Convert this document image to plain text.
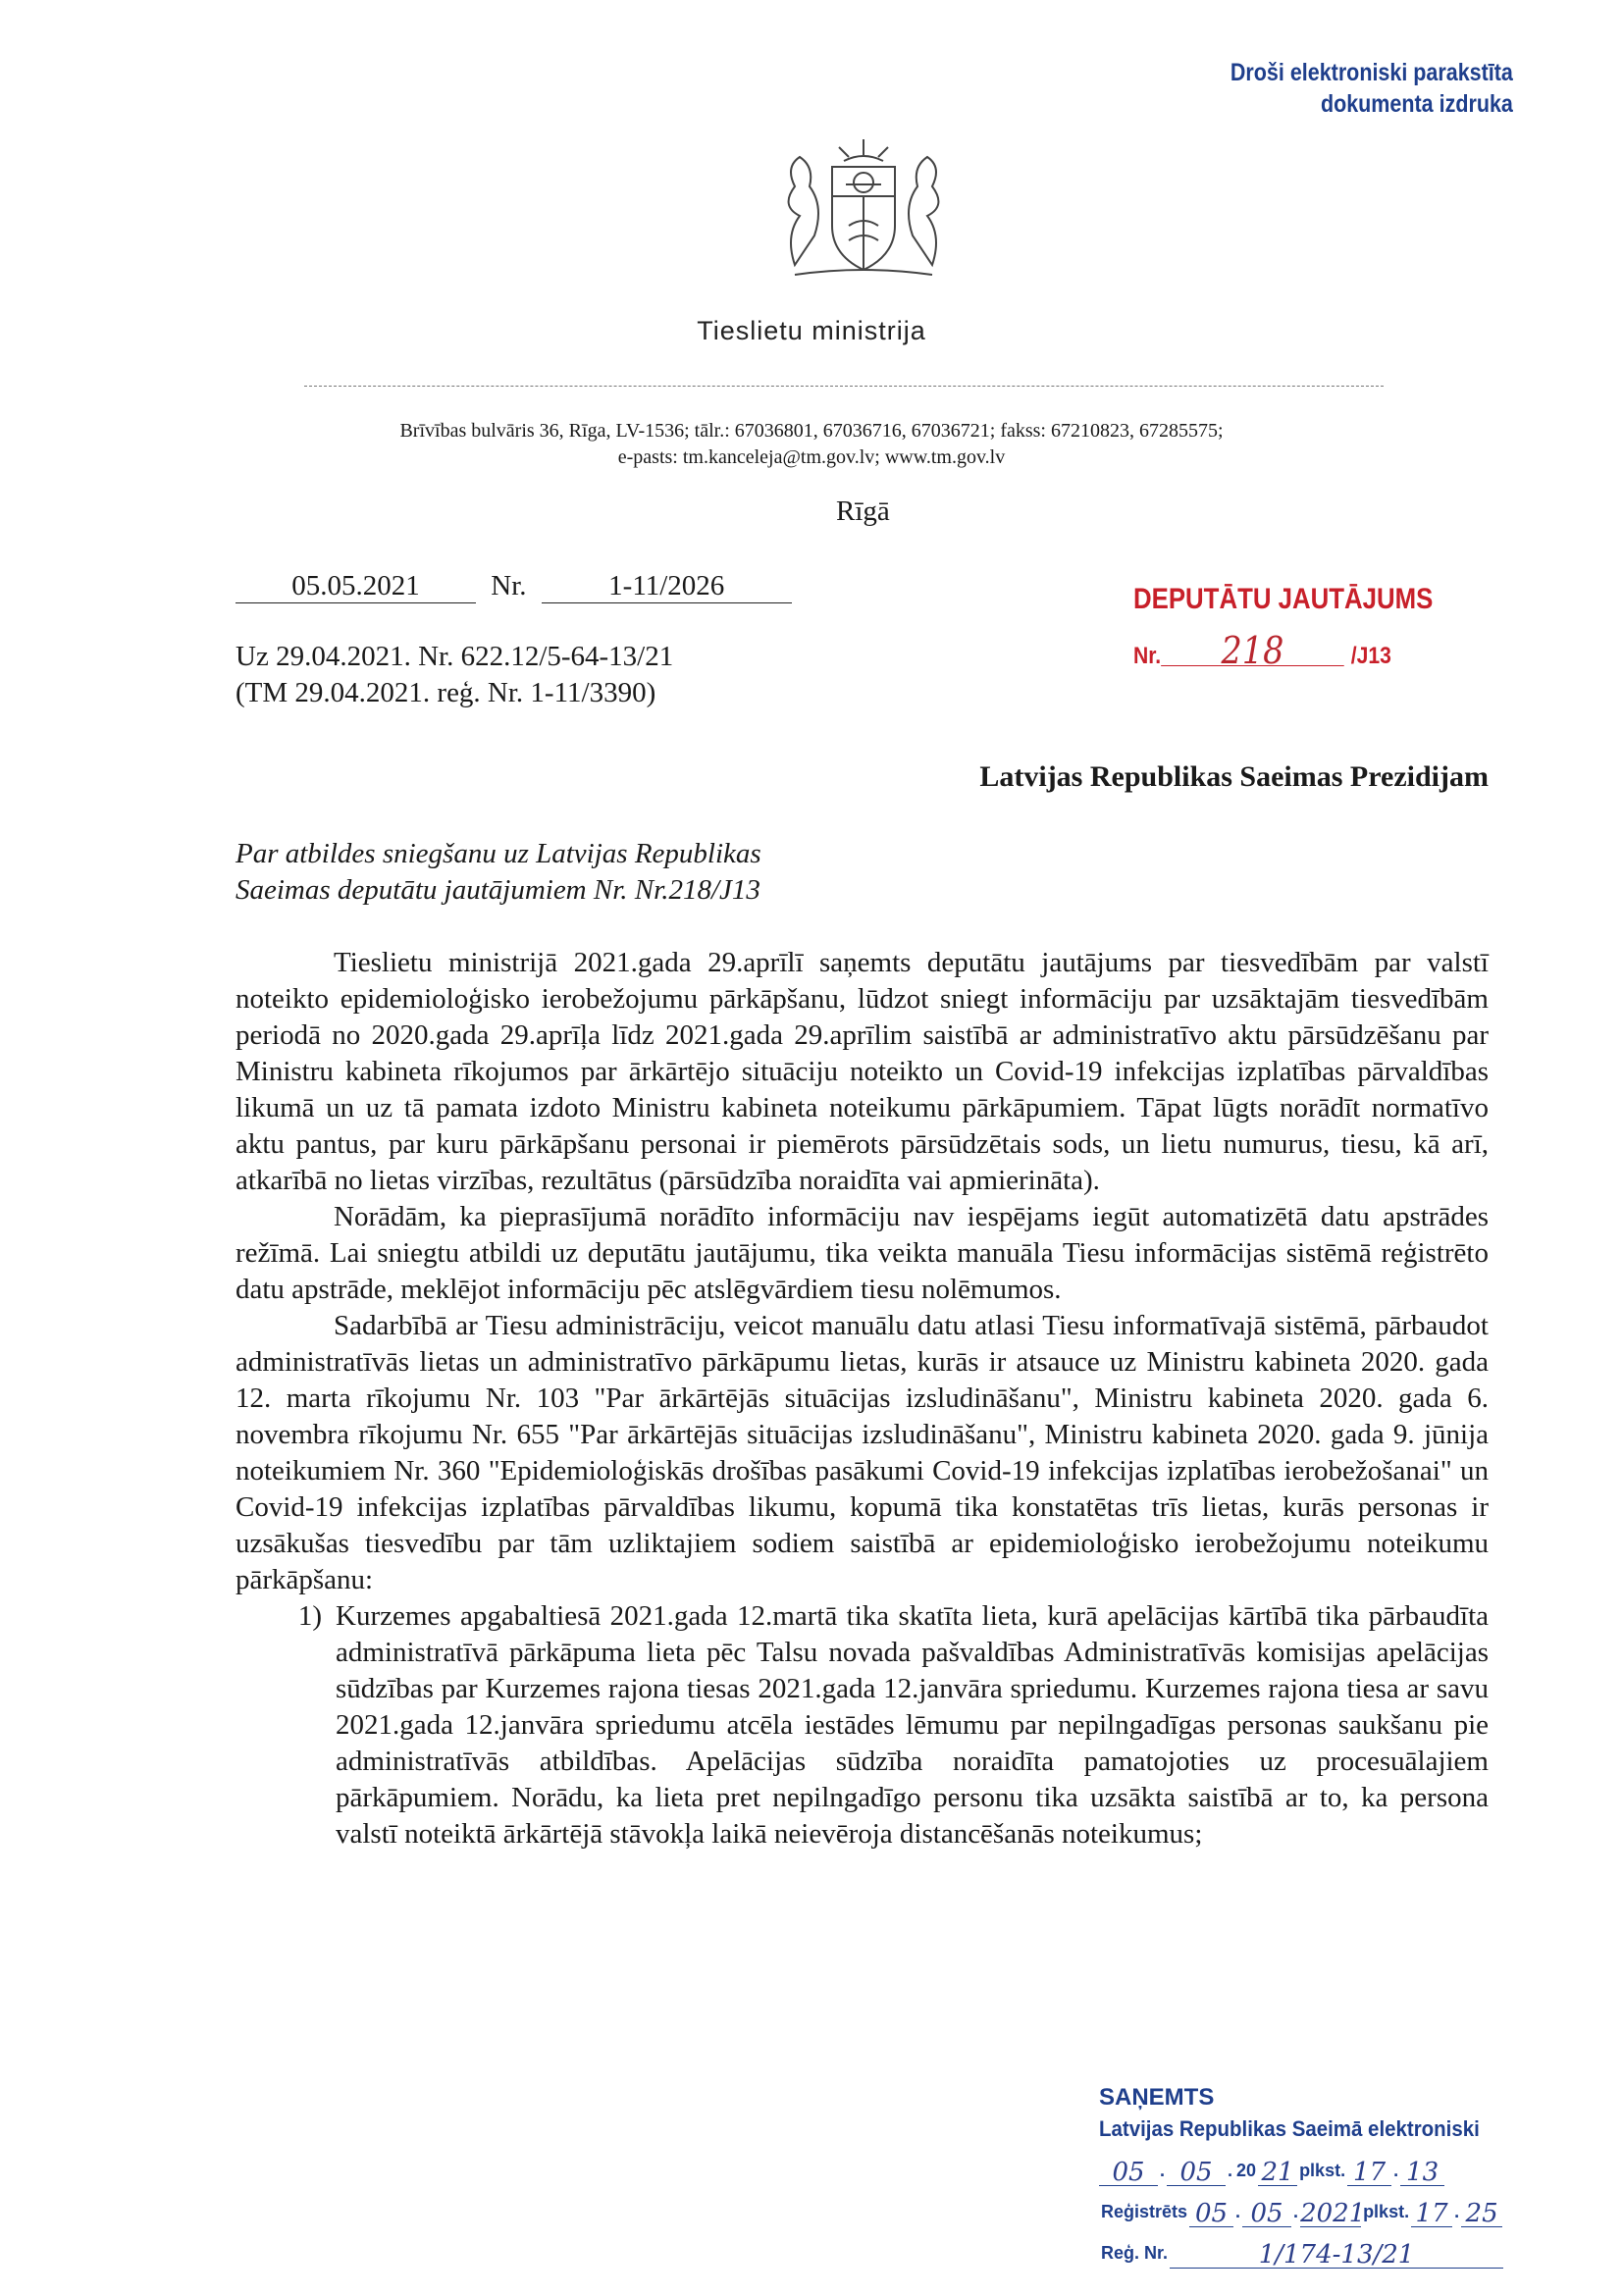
Droši elektroniski parakstīta
dokumenta izdruka
Tieslietu ministrija
Brīvības bulvāris 36, Rīga, LV-1536; tālr.: 67036801, 67036716, 67036721; fakss: 67210823, 67285575;
e-pasts: tm.kanceleja@tm.gov.lv; www.tm.gov.lv
Rīgā
05.05.2021	Nr.	1-11/2026
Uz 29.04.2021. Nr. 622.12/5-64-13/21
(TM 29.04.2021. reģ. Nr. 1-11/3390)
DEPUTĀTU JAUTĀJUMS
Nr. 218	/J13
Latvijas Republikas Saeimas Prezidijam
Par atbildes sniegšanu uz Latvijas Republikas
Saeimas deputātu jautājumiem Nr. Nr.218/J13

Tieslietu ministrijā 2021.gada 29.aprīlī saņemts deputātu jautājums par tiesvedībām par valstī noteikto epidemioloģisko ierobežojumu pārkāpšanu, lūdzot sniegt informāciju par uzsāktajām tiesvedībām periodā no 2020.gada 29.aprīļa līdz 2021.gada 29.aprīlim saistībā ar administratīvo aktu pārsūdzēšanu par Ministru kabineta rīkojumos par ārkārtējo situāciju noteikto un Covid-19 infekcijas izplatības pārvaldības likumā un uz tā pamata izdoto Ministru kabineta noteikumu pārkāpumiem. Tāpat lūgts norādīt normatīvo aktu pantus, par kuru pārkāpšanu personai ir piemērots pārsūdzētais sods, un lietu numurus, tiesu, kā arī, atkarībā no lietas virzības, rezultātus (pārsūdzība noraidīta vai apmierināta).

Norādām, ka pieprasījumā norādīto informāciju nav iespējams iegūt automatizētā datu apstrādes režīmā. Lai sniegtu atbildi uz deputātu jautājumu, tika veikta manuāla Tiesu informācijas sistēmā reģistrēto datu apstrāde, meklējot informāciju pēc atslēgvārdiem tiesu nolēmumos.

Sadarbībā ar Tiesu administrāciju, veicot manuālu datu atlasi Tiesu informatīvajā sistēmā, pārbaudot administratīvās lietas un administratīvo pārkāpumu lietas, kurās ir atsauce uz Ministru kabineta 2020. gada 12. marta rīkojumu Nr. 103 "Par ārkārtējās situācijas izsludināšanu", Ministru kabineta 2020. gada 6. novembra rīkojumu Nr. 655 "Par ārkārtējās situācijas izsludināšanu", Ministru kabineta 2020. gada 9. jūnija noteikumiem Nr. 360 "Epidemioloģiskās drošības pasākumi Covid-19 infekcijas izplatības ierobežošanai" un Covid-19 infekcijas izplatības pārvaldības likumu, kopumā tika konstatētas trīs lietas, kurās personas ir uzsākušas tiesvedību par tām uzliktajiem sodiem saistībā ar epidemioloģisko ierobežojumu noteikumu pārkāpšanu:

1) Kurzemes apgabaltiesā 2021.gada 12.martā tika skatīta lieta, kurā apelācijas kārtībā tika pārbaudīta administratīvā pārkāpuma lieta pēc Talsu novada pašvaldības Administratīvās komisijas apelācijas sūdzības par Kurzemes rajona tiesas 2021.gada 12.janvāra spriedumu. Kurzemes rajona tiesa ar savu 2021.gada 12.janvāra spriedumu atcēla iestādes lēmumu par nepilngadīgas personas saukšanu pie administratīvās atbildības. Apelācijas sūdzība noraidīta pamatojoties uz procesuālajiem pārkāpumiem. Norādu, ka lieta pret nepilngadīgo personu tika uzsākta saistībā ar to, ka persona valstī noteiktā ārkārtējā stāvokļa laikā neievēroja distancēšanās noteikumus;
SAŅEMTS
Latvijas Republikas Saeimā elektroniski
05 . 05 . 20 21 plkst. 17 . 13
Reģistrēts 05 . 05 . 2021
plkst. 17 . 25
Reģ. Nr.	1/174-13/21
